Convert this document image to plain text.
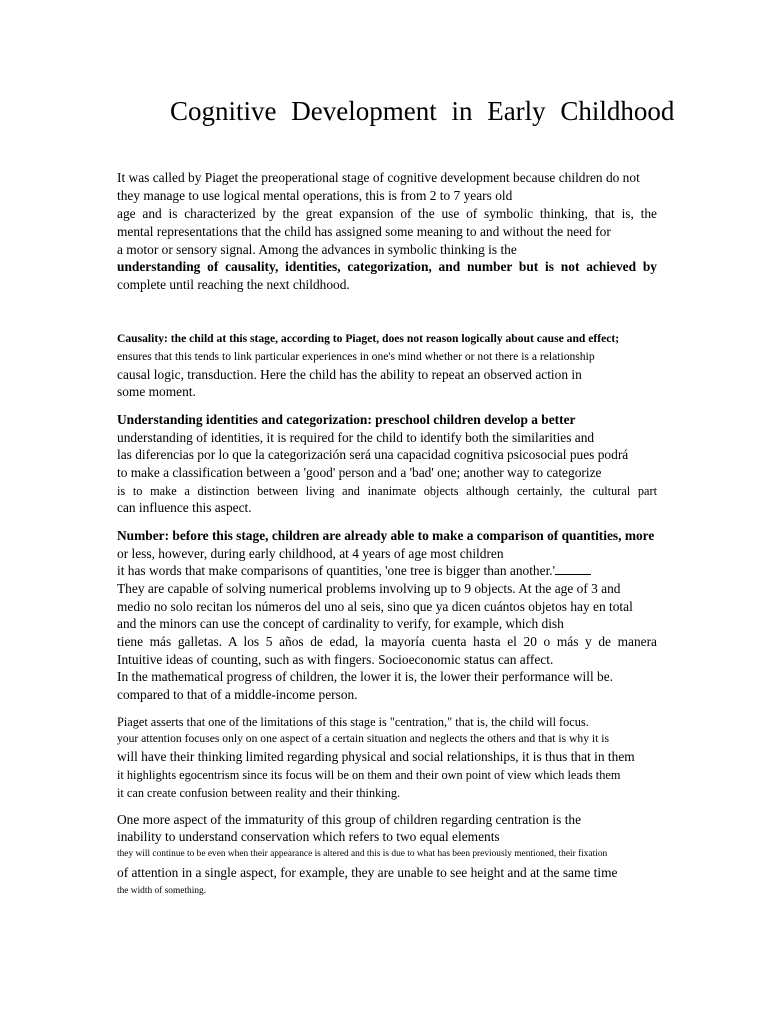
Cognitive Development in Early Childhood
It was called by Piaget the preoperational stage of cognitive development because children do not
they manage to use logical mental operations, this is from 2 to 7 years old
age and is characterized by the great expansion of the use of symbolic thinking, that is, the
mental representations that the child has assigned some meaning to and without the need for
a motor or sensory signal. Among the advances in symbolic thinking is the
understanding of causality, identities, categorization, and number but is not achieved by
complete until reaching the next childhood.
Causality: the child at this stage, according to Piaget, does not reason logically about cause and effect;
ensures that this tends to link particular experiences in one's mind whether or not there is a relationship
causal logic, transduction. Here the child has the ability to repeat an observed action in
some moment.
Understanding identities and categorization: preschool children develop a better
understanding of identities, it is required for the child to identify both the similarities and
las diferencias por lo que la categorización será una capacidad cognitiva psicosocial pues podrá
to make a classification between a 'good' person and a 'bad' one; another way to categorize
is to make a distinction between living and inanimate objects although certainly, the cultural part
can influence this aspect.
Number: before this stage, children are already able to make a comparison of quantities, more
or less, however, during early childhood, at 4 years of age most children
it has words that make comparisons of quantities, 'one tree is bigger than another.'
They are capable of solving numerical problems involving up to 9 objects. At the age of 3 and
medio no solo recitan los números del uno al seis, sino que ya dicen cuántos objetos hay en total
and the minors can use the concept of cardinality to verify, for example, which dish
tiene más galletas. A los 5 años de edad, la mayoría cuenta hasta el 20 o más y de manera
Intuitive ideas of counting, such as with fingers. Socioeconomic status can affect.
In the mathematical progress of children, the lower it is, the lower their performance will be.
compared to that of a middle-income person.
Piaget asserts that one of the limitations of this stage is "centration," that is, the child will focus.
your attention focuses only on one aspect of a certain situation and neglects the others and that is why it is
will have their thinking limited regarding physical and social relationships, it is thus that in them
it highlights egocentrism since its focus will be on them and their own point of view which leads them
it can create confusion between reality and their thinking.
One more aspect of the immaturity of this group of children regarding centration is the
inability to understand conservation which refers to two equal elements
they will continue to be even when their appearance is altered and this is due to what has been previously mentioned, their fixation
of attention in a single aspect, for example, they are unable to see height and at the same time
the width of something.
